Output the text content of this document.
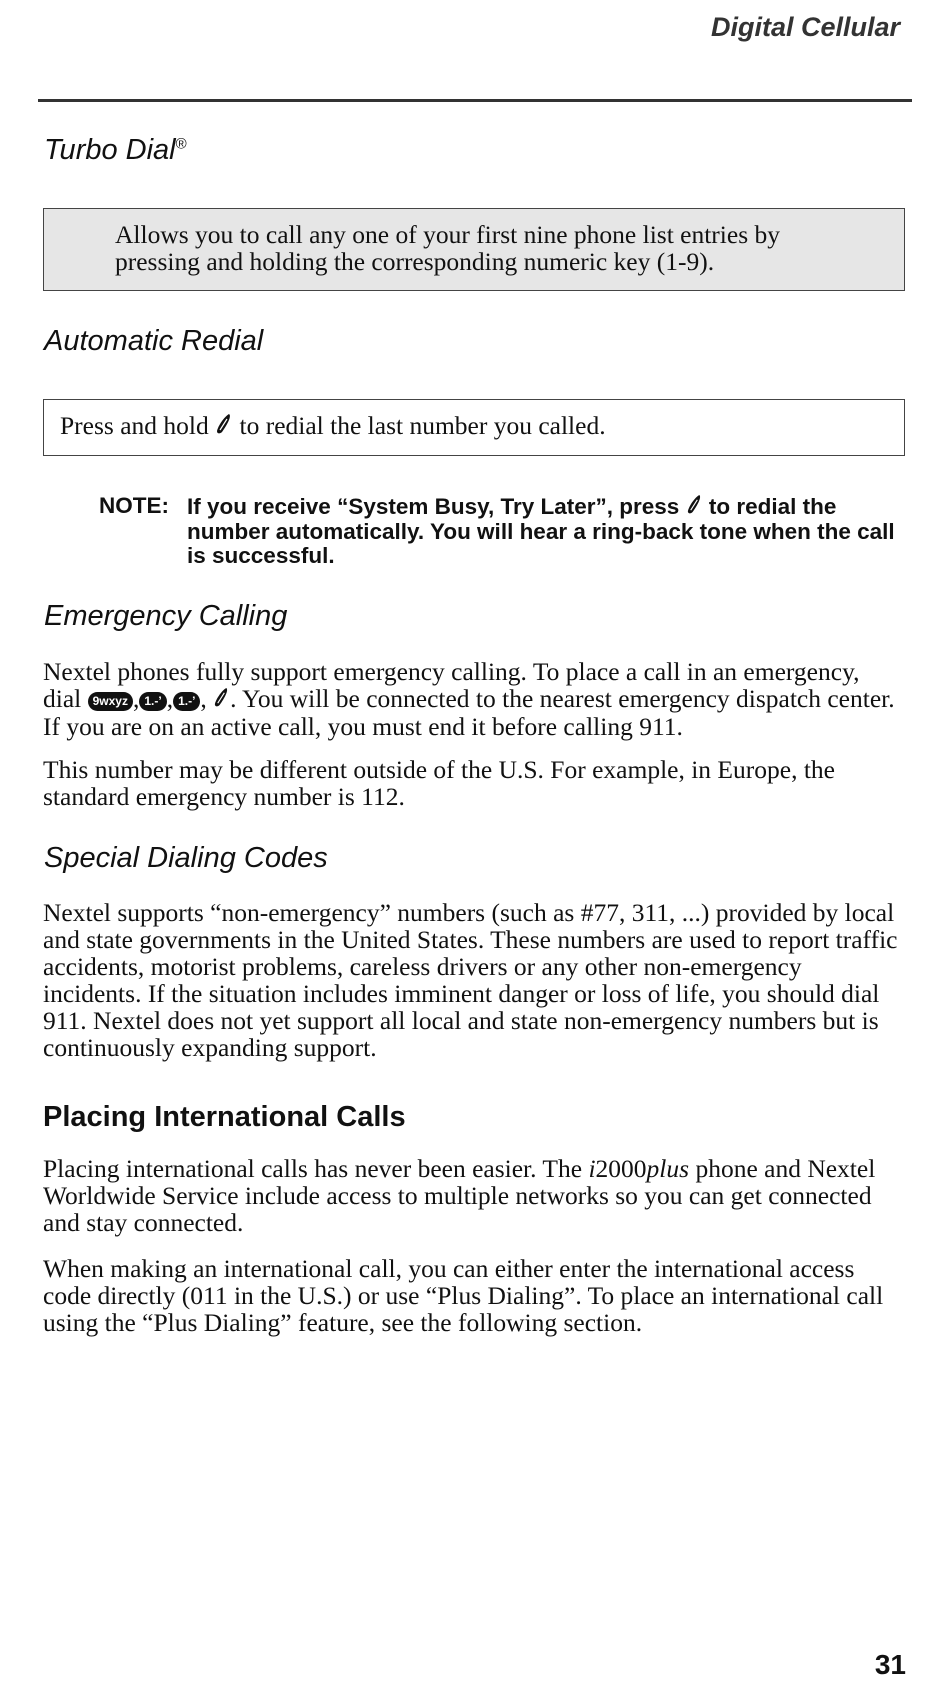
Digital Cellular
Turbo Dial®
Allows you to call any one of your first nine phone list entries by pressing and holding the corresponding numeric key (1-9).
Automatic Redial
Press and hold to redial the last number you called.
NOTE: If you receive “System Busy, Try Later”, press to redial the number automatically. You will hear a ring-back tone when the call is successful.
Emergency Calling
Nextel phones fully support emergency calling. To place a call in an emergency, dial 9wxyz , 1.-’ , 1.-’ , . You will be connected to the nearest emergency dispatch center. If you are on an active call, you must end it before calling 911.
This number may be different outside of the U.S. For example, in Europe, the standard emergency number is 112.
Special Dialing Codes
Nextel supports “non-emergency” numbers (such as #77, 311, ...) provided by local and state governments in the United States. These numbers are used to report traffic accidents, motorist problems, careless drivers or any other non-emergency incidents. If the situation includes imminent danger or loss of life, you should dial 911. Nextel does not yet support all local and state non-emergency numbers but is continuously expanding support.
Placing International Calls
Placing international calls has never been easier. The i2000plus phone and Nextel Worldwide Service include access to multiple networks so you can get connected and stay connected.
When making an international call, you can either enter the international access code directly (011 in the U.S.) or use “Plus Dialing”. To place an international call using the “Plus Dialing” feature, see the following section.
31
